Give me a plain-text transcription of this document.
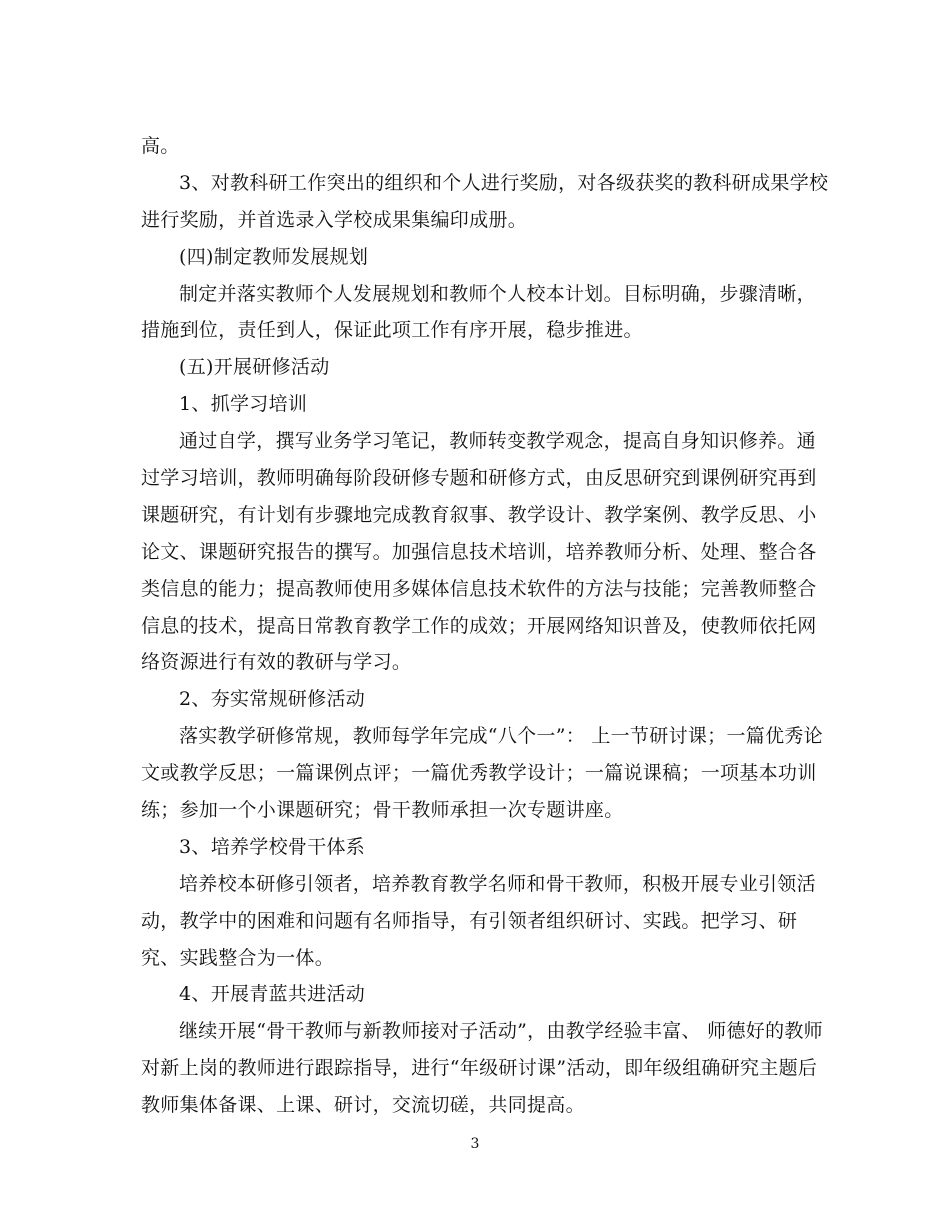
高。
3、对教科研工作突出的组织和个人进行奖励，对各级获奖的教科研成果学校
进行奖励，并首选录入学校成果集编印成册。
(四)制定教师发展规划
制定并落实教师个人发展规划和教师个人校本计划。目标明确，步骤清晰，
措施到位，责任到人，保证此项工作有序开展，稳步推进。
(五)开展研修活动
1、抓学习培训
通过自学，撰写业务学习笔记，教师转变教学观念，提高自身知识修养。通
过学习培训，教师明确每阶段研修专题和研修方式，由反思研究到课例研究再到
课题研究，有计划有步骤地完成教育叙事、教学设计、教学案例、教学反思、小
论文、课题研究报告的撰写。加强信息技术培训，培养教师分析、处理、整合各
类信息的能力；提高教师使用多媒体信息技术软件的方法与技能；完善教师整合
信息的技术，提高日常教育教学工作的成效；开展网络知识普及，使教师依托网
络资源进行有效的教研与学习。
2、夯实常规研修活动
落实教学研修常规，教师每学年完成“八个一”： 上一节研讨课；一篇优秀论
文或教学反思；一篇课例点评；一篇优秀教学设计；一篇说课稿；一项基本功训
练；参加一个小课题研究；骨干教师承担一次专题讲座。
3、培养学校骨干体系
培养校本研修引领者，培养教育教学名师和骨干教师，积极开展专业引领活
动，教学中的困难和问题有名师指导，有引领者组织研讨、实践。把学习、研
究、实践整合为一体。
4、开展青蓝共进活动
继续开展“骨干教师与新教师接对子活动”，由教学经验丰富、 师德好的教师
对新上岗的教师进行跟踪指导，进行“年级研讨课”活动，即年级组确研究主题后
教师集体备课、上课、研讨，交流切磋，共同提高。
3
